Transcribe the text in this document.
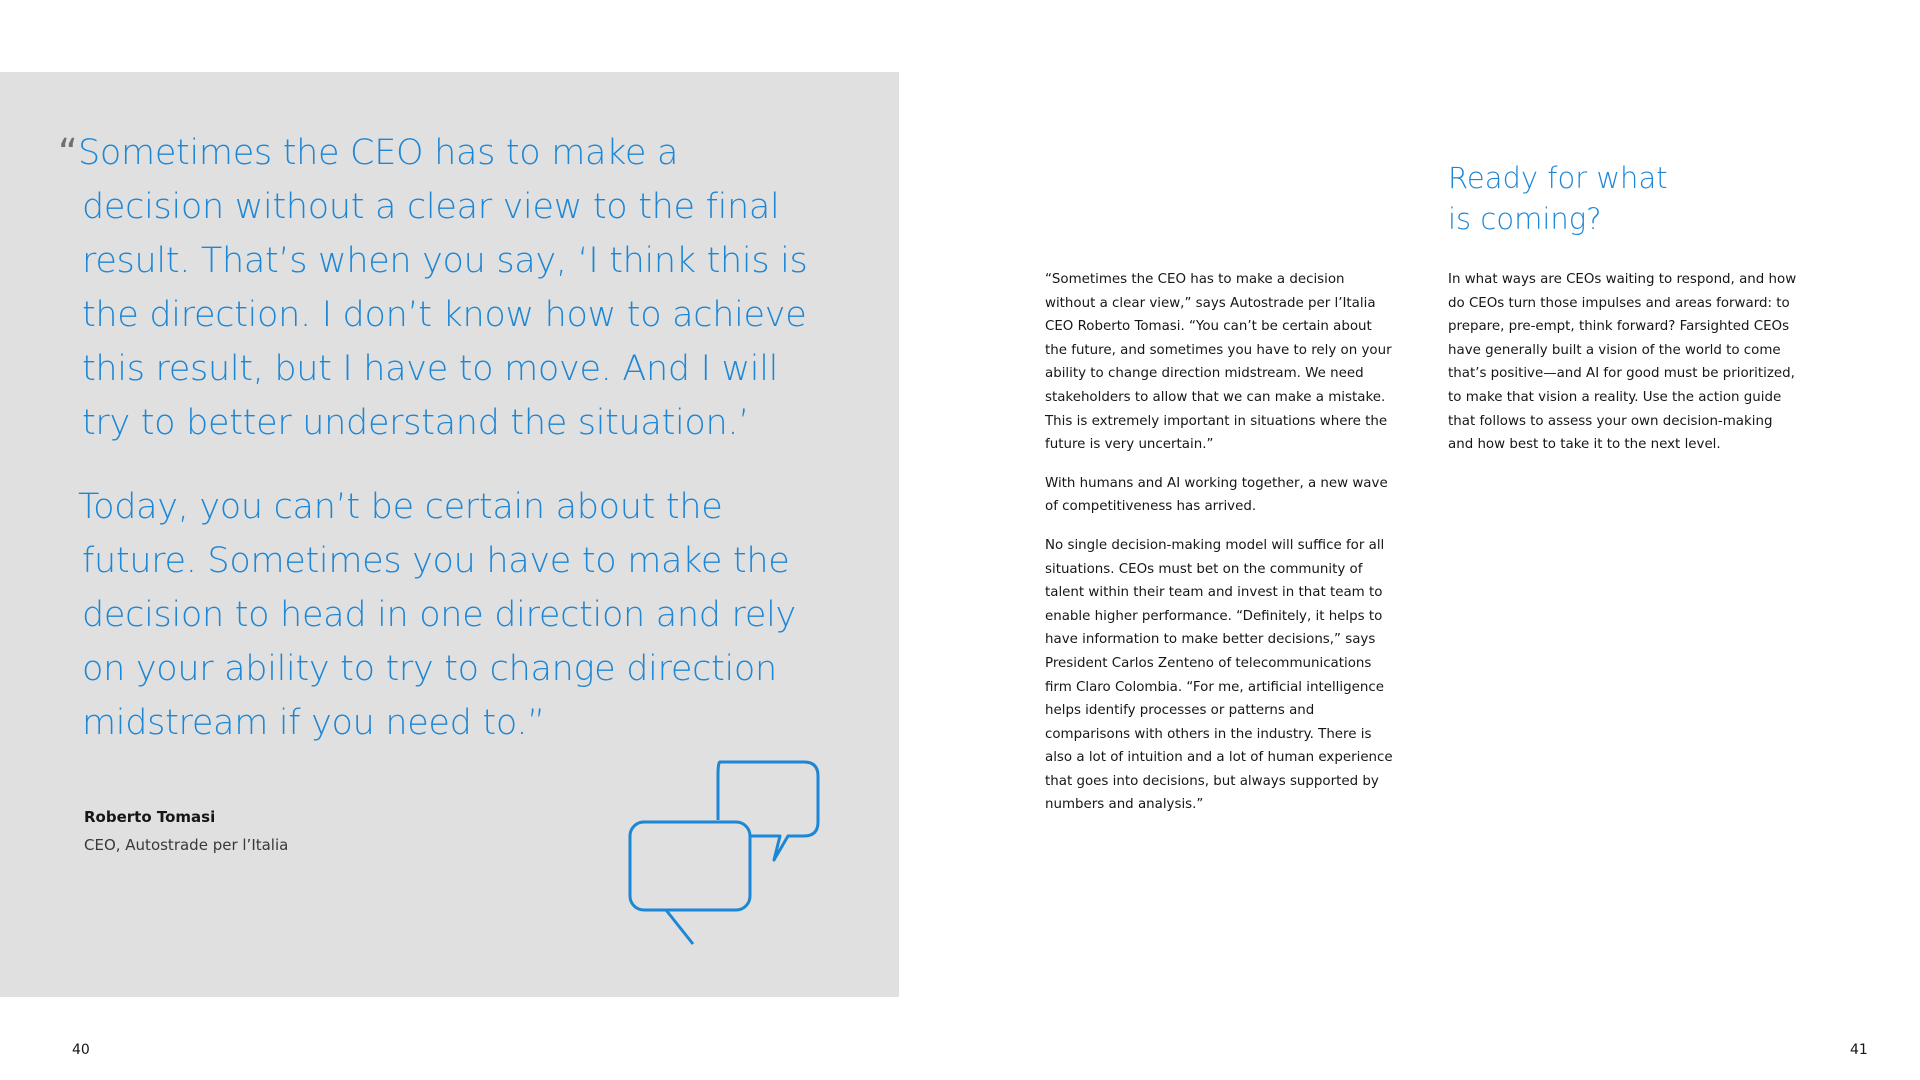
“ Sometimes the CEO has to make a

decision without a clear view to the final

result. That’s when you say, ‘I think this is

the direction. I don’t know how to achieve

this result, but I have to move. And I will

try to better understand the situation.’

Today, you can’t be certain about the

future. Sometimes you have to make the

decision to head in one direction and rely

on your ability to try to change direction

midstream if you need to.”

Roberto Tomasi
CEO, Autostrade per l’Italia
40
Ready for what
is coming?

“Sometimes the CEO has to make a decision
without a clear view,” says Autostrade per l’Italia
CEO Roberto Tomasi. “You can’t be certain about
the future, and sometimes you have to rely on your
ability to change direction midstream. We need
stakeholders to allow that we can make a mistake.
This is extremely important in situations where the
future is very uncertain.”

With humans and AI working together, a new wave
of competitiveness has arrived.

No single decision-making model will suffice for all
situations. CEOs must bet on the community of
talent within their team and invest in that team to
enable higher performance. “Definitely, it helps to
have information to make better decisions,” says
President Carlos Zenteno of telecommunications
firm Claro Colombia. “For me, artificial intelligence
helps identify processes or patterns and
comparisons with others in the industry. There is
also a lot of intuition and a lot of human experience
that goes into decisions, but always supported by
numbers and analysis.”

In what ways are CEOs waiting to respond, and how
do CEOs turn those impulses and areas forward: to
prepare, pre-empt, think forward? Farsighted CEOs
have generally built a vision of the world to come
that’s positive—and AI for good must be prioritized,
to make that vision a reality. Use the action guide
that follows to assess your own decision-making
and how best to take it to the next level.

41
